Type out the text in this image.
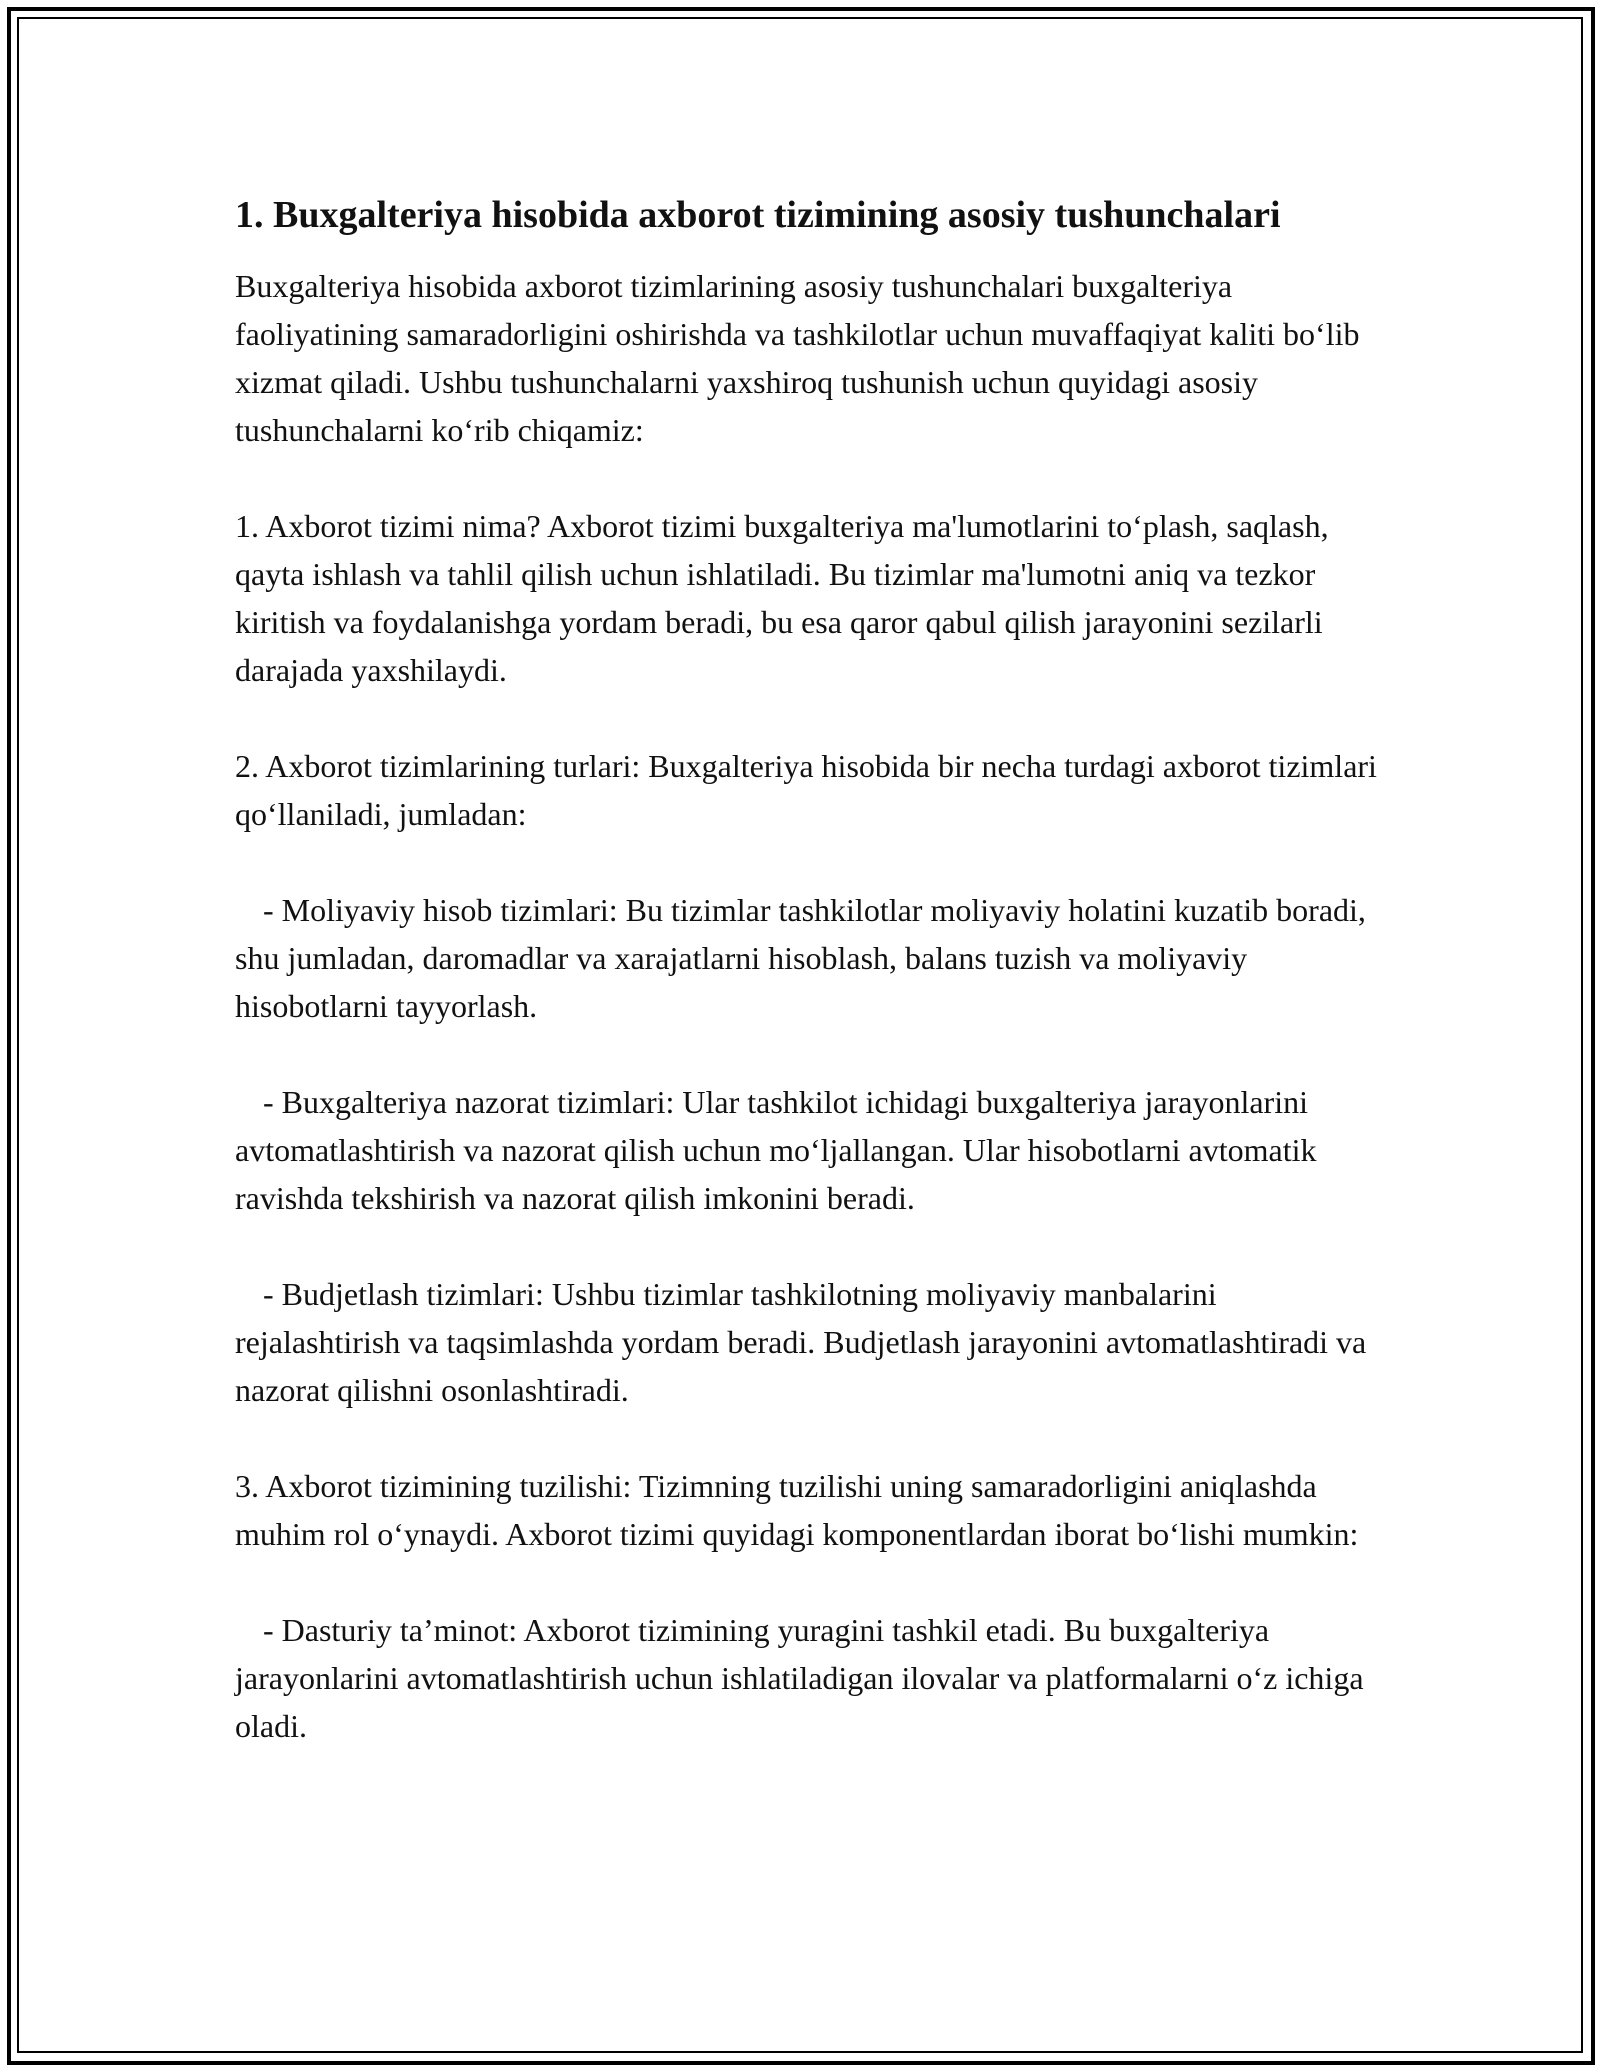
1. Buxgalteriya hisobida axborot tizimining asosiy tushunchalari

Buxgalteriya hisobida axborot tizimlarining asosiy tushunchalari buxgalteriya faoliyatining samaradorligini oshirishda va tashkilotlar uchun muvaffaqiyat kaliti bo‘lib xizmat qiladi. Ushbu tushunchalarni yaxshiroq tushunish uchun quyidagi asosiy tushunchalarni ko‘rib chiqamiz:

1. Axborot tizimi nima? Axborot tizimi buxgalteriya ma'lumotlarini to‘plash, saqlash, qayta ishlash va tahlil qilish uchun ishlatiladi. Bu tizimlar ma'lumotni aniq va tezkor kiritish va foydalanishga yordam beradi, bu esa qaror qabul qilish jarayonini sezilarli darajada yaxshilaydi.

2. Axborot tizimlarining turlari: Buxgalteriya hisobida bir necha turdagi axborot tizimlari qo‘llaniladi, jumladan:

- Moliyaviy hisob tizimlari: Bu tizimlar tashkilotlar moliyaviy holatini kuzatib boradi, shu jumladan, daromadlar va xarajatlarni hisoblash, balans tuzish va moliyaviy hisobotlarni tayyorlash.

- Buxgalteriya nazorat tizimlari: Ular tashkilot ichidagi buxgalteriya jarayonlarini avtomatlashtirish va nazorat qilish uchun mo‘ljallangan. Ular hisobotlarni avtomatik ravishda tekshirish va nazorat qilish imkonini beradi.

- Budjetlash tizimlari: Ushbu tizimlar tashkilotning moliyaviy manbalarini rejalashtirish va taqsimlashda yordam beradi. Budjetlash jarayonini avtomatlashtiradi va nazorat qilishni osonlashtiradi.

3. Axborot tizimining tuzilishi: Tizimning tuzilishi uning samaradorligini aniqlashda muhim rol o‘ynaydi. Axborot tizimi quyidagi komponentlardan iborat bo‘lishi mumkin:

- Dasturiy ta’minot: Axborot tizimining yuragini tashkil etadi. Bu buxgalteriya jarayonlarini avtomatlashtirish uchun ishlatiladigan ilovalar va platformalarni o‘z ichiga oladi.
